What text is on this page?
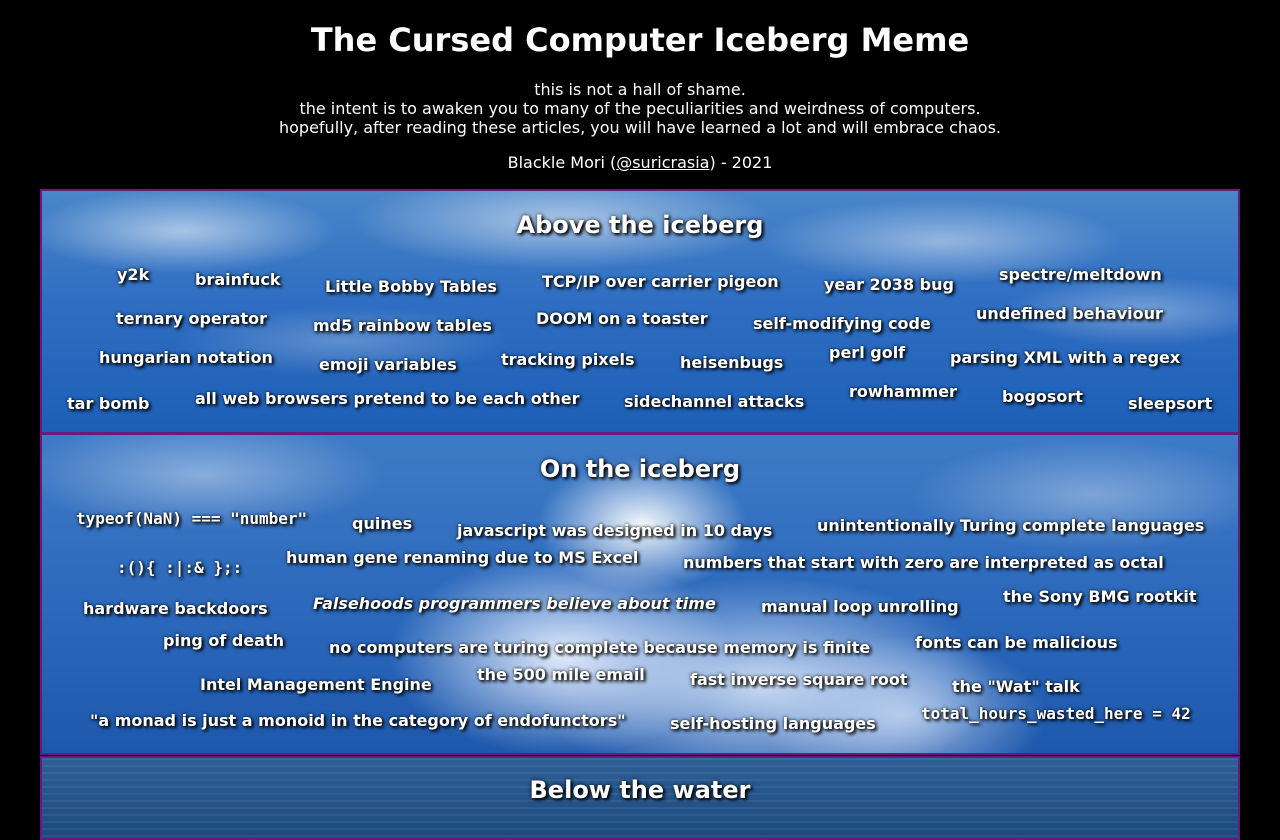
The Cursed Computer Iceberg Meme
this is not a hall of shame.
the intent is to awaken you to many of the peculiarities and weirdness of computers.
hopefully, after reading these articles, you will have learned a lot and will embrace chaos.
Blackle Mori (@suricrasia) - 2021
Above the iceberg
y2k	brainfuck	Little Bobby Tables	TCP/IP over carrier pigeon	year 2038 bug
spectre/meltdown
ternary operator	md5 rainbow tables	DOOM on a toaster	self-modifying code
undefined behaviour
hungarian notation	emoji variables	tracking pixels	heisenbugs
perl golf	parsing XML with a regex
tar bomb	all web browsers pretend to be each other	sidechannel attacks
rowhammer	bogosort	sleepsort
On the iceberg
typeof(NaN) === "number"	quines	javascript was designed in 10 days	unintentionally Turing complete languages
:(){ :|:& };:
human gene renaming due to MS Excel	numbers that start with zero are interpreted as octal
hardware backdoors	Falsehoods programmers believe about time	manual loop unrolling
the Sony BMG rootkit
ping of death	no computers are turing complete because memory is finite	fonts can be malicious
Intel Management Engine
the 500 mile email	fast inverse square root	the "Wat" talk
"a monad is just a monoid in the category of endofunctors"	self-hosting languages
total_hours_wasted_here = 42
Below the water
